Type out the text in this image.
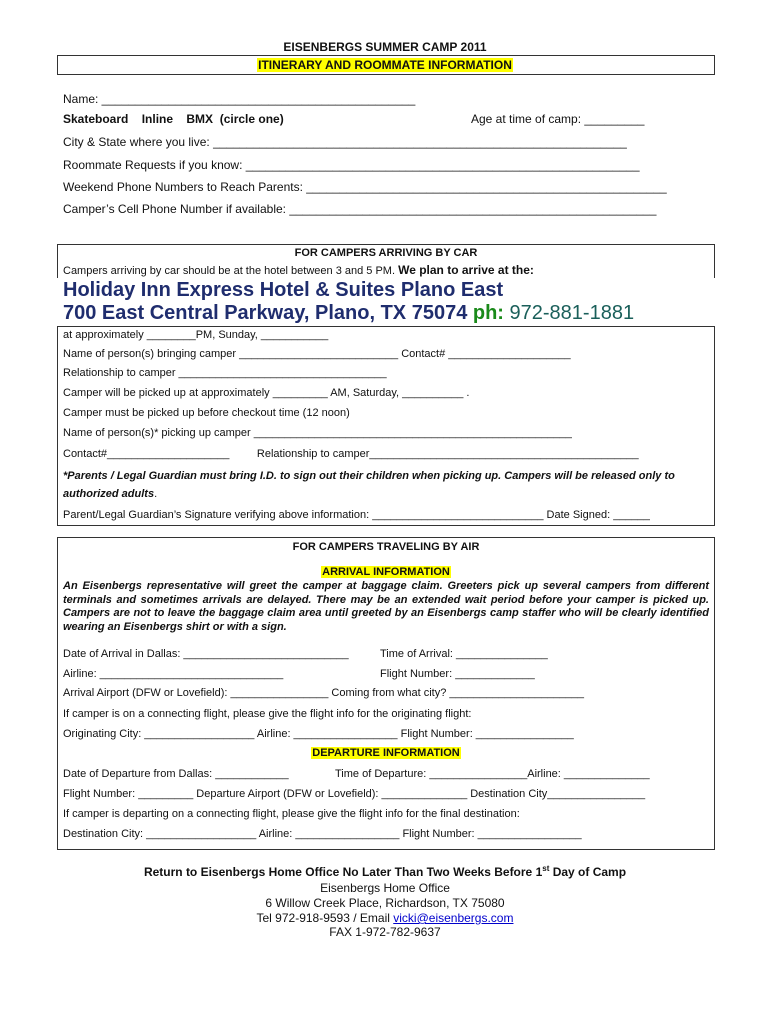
EISENBERGS SUMMER CAMP 2011
ITINERARY AND ROOMMATE INFORMATION
Name: _______________________________________________
Skateboard    Inline    BMX  (circle one)	Age at time of camp: _________
City & State where you live: ______________________________________________________________
Roommate Requests if you know: ___________________________________________________________
Weekend Phone Numbers to Reach Parents: ______________________________________________________
Camper’s Cell Phone Number if available: _______________________________________________________
FOR CAMPERS ARRIVING BY CAR
Campers arriving by car should be at the hotel between 3 and 5 PM. We plan to arrive at the:
Holiday Inn Express Hotel & Suites Plano East
700 East Central Parkway, Plano, TX 75074 ph: 972-881-1881
at approximately ________PM, Sunday, ___________
Name of person(s) bringing camper __________________________ Contact# ____________________
Relationship to camper __________________________________
Camper will be picked up at approximately _________ AM, Saturday, __________ .
Camper must be picked up before checkout time (12 noon)
Name of person(s)* picking up camper ____________________________________________________
Contact#____________________         Relationship to camper____________________________________________
*Parents / Legal Guardian must bring I.D. to sign out their children when picking up. Campers will be released only to authorized adults.
Parent/Legal Guardian’s Signature verifying above information: ____________________________ Date Signed: ______
FOR CAMPERS TRAVELING BY AIR
ARRIVAL INFORMATION
An Eisenbergs representative will greet the camper at baggage claim. Greeters pick up several campers from different terminals and sometimes arrivals are delayed. There may be an extended wait period before your camper is picked up. Campers are not to leave the baggage claim area until greeted by an Eisenbergs camp staffer who will be clearly identified wearing an Eisenbergs shirt or with a sign.
Date of Arrival in Dallas: ___________________________	Time of Arrival: _______________
Airline: ______________________________	Flight Number: _____________
Arrival Airport (DFW or Lovefield): ________________ Coming from what city? ______________________
If camper is on a connecting flight, please give the flight info for the originating flight:
Originating City: __________________ Airline: _________________ Flight Number: ________________
DEPARTURE INFORMATION
Date of Departure from Dallas: ____________	Time of Departure: ________________Airline: ______________
Flight Number: _________ Departure Airport (DFW or Lovefield): ______________ Destination City________________
If camper is departing on a connecting flight, please give the flight info for the final destination:
Destination City: __________________ Airline: _________________ Flight Number: _________________
Return to Eisenbergs Home Office No Later Than Two Weeks Before 1st Day of Camp
Eisenbergs Home Office
6 Willow Creek Place, Richardson, TX 75080
Tel 972-918-9593 / Email vicki@eisenbergs.com
FAX 1-972-782-9637
